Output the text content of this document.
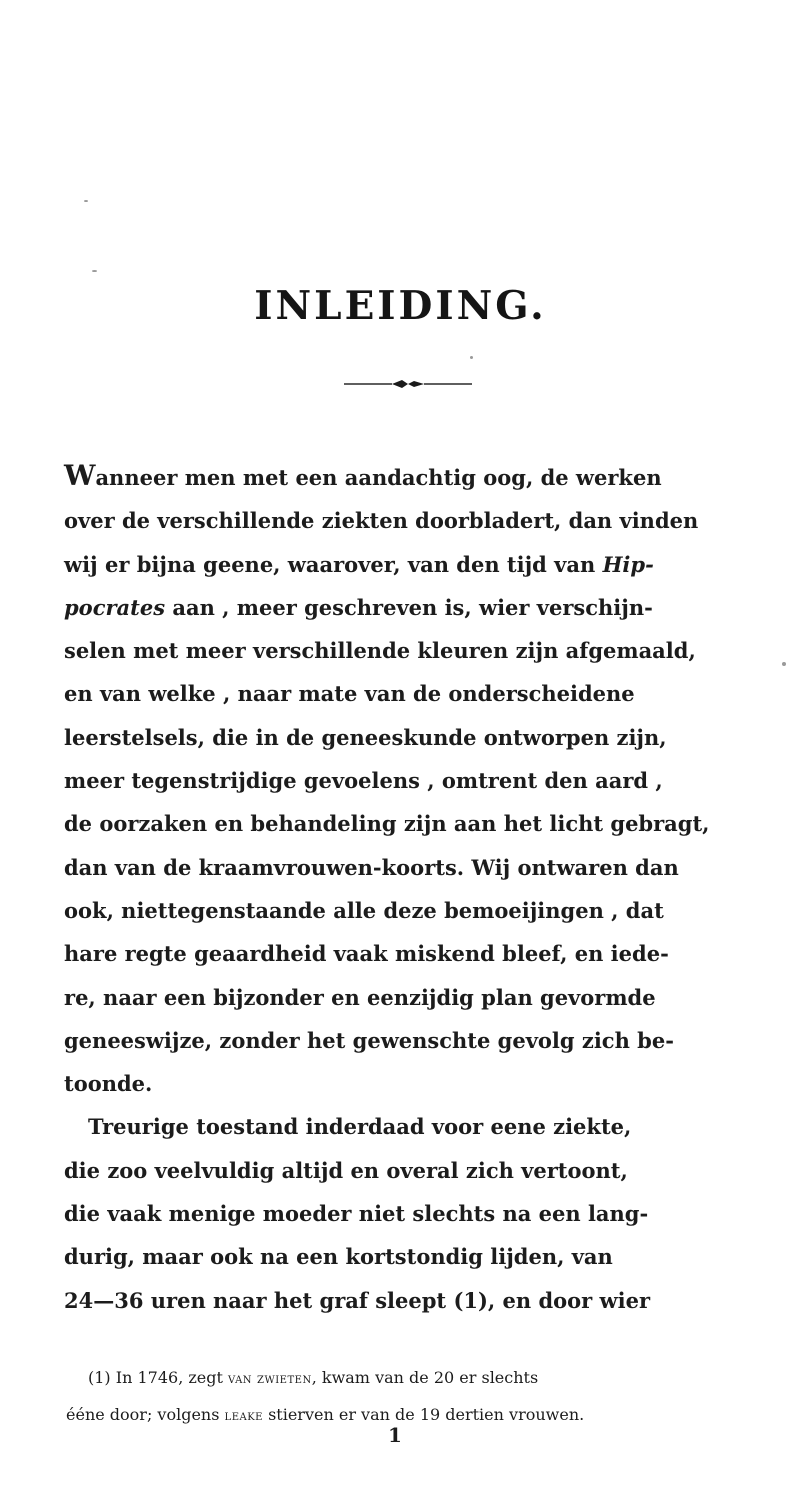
INLEIDING.
Wanneer men met een aandachtig oog, de werken
over de verschillende ziekten doorbladert, dan vinden
wij er bijna geene, waarover, van den tijd van Hip-
pocrates aan , meer geschreven is, wier verschijn-
selen met meer verschillende kleuren zijn afgemaald,
en van welke , naar mate van de onderscheidene
leerstelsels, die in de geneeskunde ontworpen zijn,
meer tegenstrijdige gevoelens , omtrent den aard ,
de oorzaken en behandeling zijn aan het licht gebragt,
dan van de kraamvrouwen-koorts. Wij ontwaren dan
ook, niettegenstaande alle deze bemoeijingen , dat
hare regte geaardheid vaak miskend bleef, en iede-
re, naar een bijzonder en eenzijdig plan gevormde
geneeswijze, zonder het gewenschte gevolg zich be-
toonde.
Treurige toestand inderdaad voor eene ziekte,
die zoo veelvuldig altijd en overal zich vertoont,
die vaak menige moeder niet slechts na een lang-
durig, maar ook na een kortstondig lijden, van
24—36 uren naar het graf sleept (1), en door wier
(1) In 1746, zegt van zwieten, kwam van de 20 er slechts
ééne door; volgens leake stierven er van de 19 dertien vrouwen.
1
